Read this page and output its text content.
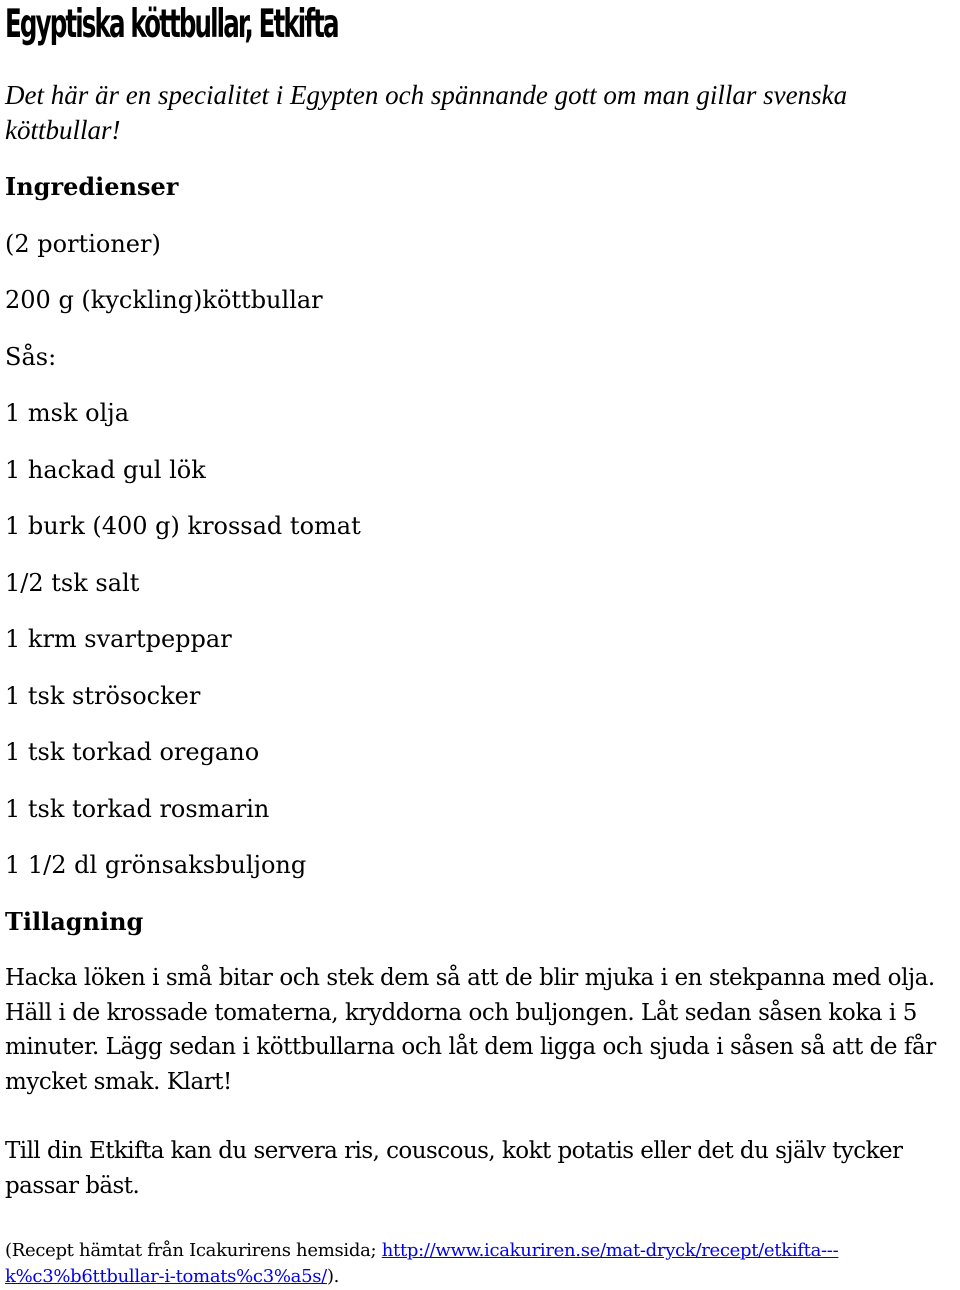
Egyptiska köttbullar, Etkifta

Det här är en specialitet i Egypten och spännande gott om man gillar svenska köttbullar!

Ingredienser

(2 portioner)

200 g (kyckling)köttbullar

Sås:

1 msk olja

1 hackad gul lök

1 burk (400 g) krossad tomat

1/2 tsk salt

1 krm svartpeppar

1 tsk strösocker

1 tsk torkad oregano

1 tsk torkad rosmarin

1 1/2 dl grönsaksbuljong

Tillagning

Hacka löken i små bitar och stek dem så att de blir mjuka i en stekpanna med olja. Häll i de krossade tomaterna, kryddorna och buljongen. Låt sedan såsen koka i 5 minuter. Lägg sedan i köttbullarna och låt dem ligga och sjuda i såsen så att de får mycket smak. Klart!

Till din Etkifta kan du servera ris, couscous, kokt potatis eller det du själv tycker passar bäst.

(Recept hämtat från Icakurirens hemsida; http://www.icakuriren.se/mat-dryck/recept/etkifta---k%c3%b6ttbullar-i-tomats%c3%a5s/).
